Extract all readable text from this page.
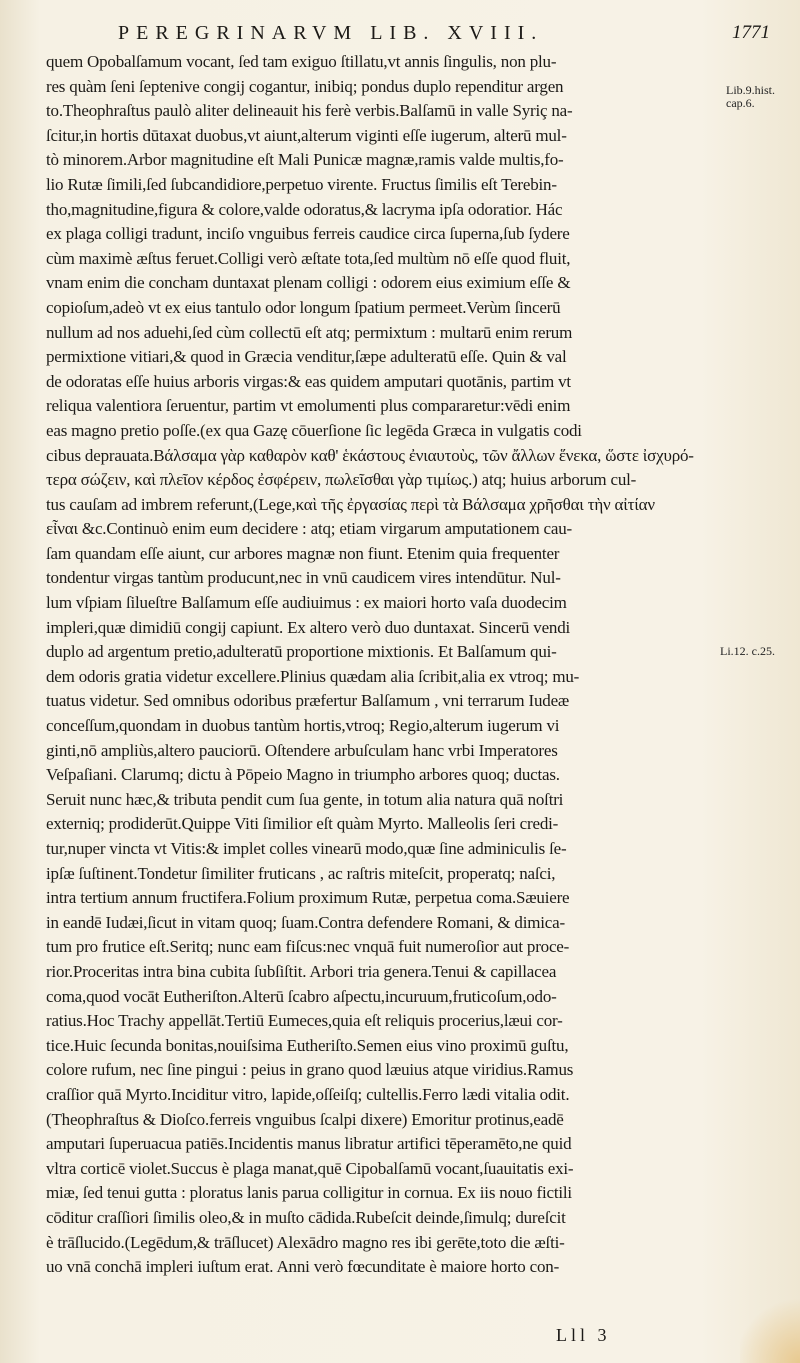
PEREGRINARVM LIB. XVIII.	1771
Lib.9.hist. cap.6.
Li.12. c.25.
quem Opobalſamum vocant, ſed tam exiguo ſtillatu,vt annis ſingulis, non plu-
res quàm ſeni ſeptenive congij cogantur, inibiq; pondus duplo rependitur argen
to.Theophraſtus paulò aliter delineauit his ferè verbis.Balſamū in valle Syriç na-
ſcitur,in hortis dūtaxat duobus,vt aiunt,alterum viginti eſſe iugerum, alterū mul-
tò minorem.Arbor magnitudine eſt Mali Punicæ magnæ,ramis valde multis,fo-
lio Rutæ ſimili,ſed ſubcandidiore,perpetuo virente. Fructus ſimilis eſt Terebin-
tho,magnitudine,figura & colore,valde odoratus,& lacryma ipſa odoratior. Hác
ex plaga colligi tradunt, inciſo vnguibus ferreis caudice circa ſuperna,ſub ſydere
cùm maximè æſtus feruet.Colligi verò æſtate tota,ſed multùm nō eſſe quod fluit,
vnam enim die concham duntaxat plenam colligi : odorem eius eximium eſſe &
copioſum,adeò vt ex eius tantulo odor longum ſpatium permeet.Verùm ſincerū
nullum ad nos aduehi,ſed cùm collectū eſt atq; permixtum : multarū enim rerum
permixtione vitiari,& quod in Græcia venditur,ſæpe adulteratū eſſe. Quin & val
de odoratas eſſe huius arboris virgas:& eas quidem amputari quotānis, partim vt
reliqua valentiora ſeruentur, partim vt emolumenti plus compararetur:vēdi enim
eas magno pretio poſſe.(ex qua Gazę cōuerſione ſic legēda Græca in vulgatis codi
cibus deprauata.Βάλσαμα γὰρ καθαρὸν καθ' ἑκάστους ἐνιαυτοὺς, τῶν ἄλλων ἕνεκα, ὥστε ἰσχυρό-
τερα σώζειν, καὶ πλεῖον κέρδος ἐσφέρειν, πωλεῖσθαι γὰρ τιμίως.) atq; huius arborum cul-
tus cauſam ad imbrem referunt,(Lege,καὶ τῆς ἐργασίας περὶ τὰ Βάλσαμα χρῆσθαι τὴν αἰτίαν
εἶναι &c.Continuò enim eum decidere : atq; etiam virgarum amputationem cau-
ſam quandam eſſe aiunt, cur arbores magnæ non fiunt. Etenim quia frequenter
tondentur virgas tantùm producunt,nec in vnū caudicem vires intendūtur. Nul-
lum vſpiam ſilueſtre Balſamum eſſe audiuimus : ex maiori horto vaſa duodecim
impleri,quæ dimidiū congij capiunt. Ex altero verò duo duntaxat. Sincerū vendi
duplo ad argentum pretio,adulteratū proportione mixtionis. Et Balſamum qui-
dem odoris gratia videtur excellere.Plinius quædam alia ſcribit,alia ex vtroq; mu-
tuatus videtur. Sed omnibus odoribus præfertur Balſamum , vni terrarum Iudeæ
conceſſum,quondam in duobus tantùm hortis,vtroq; Regio,alterum iugerum vi
ginti,nō ampliùs,altero pauciorū. Oſtendere arbuſculam hanc vrbi Imperatores
Veſpaſiani. Clarumq; dictu à Pōpeio Magno in triumpho arbores quoq; ductas.
Seruit nunc hæc,& tributa pendit cum ſua gente, in totum alia natura quā noſtri
externiq; prodiderūt.Quippe Viti ſimilior eſt quàm Myrto. Malleolis ſeri credi-
tur,nuper vincta vt Vitis:& implet colles vinearū modo,quæ ſine adminiculis ſe-
ipſæ ſuſtinent.Tondetur ſimiliter fruticans , ac raſtris miteſcit, properatq; naſci,
intra tertium annum fructifera.Folium proximum Rutæ, perpetua coma.Sæuiere
in eandē Iudæi,ſicut in vitam quoq; ſuam.Contra defendere Romani, & dimica-
tum pro frutice eſt.Seritq; nunc eam fiſcus:nec vnquā fuit numeroſior aut proce-
rior.Proceritas intra bina cubita ſubſiſtit. Arbori tria genera.Tenui & capillacea
coma,quod vocāt Eutheriſton.Alterū ſcabro aſpectu,incuruum,fruticoſum,odo-
ratius.Hoc Trachy appellāt.Tertiū Eumeces,quia eſt reliquis procerius,læui cor-
tice.Huic ſecunda bonitas,nouiſsima Eutheriſto.Semen eius vino proximū guſtu,
colore rufum, nec ſine pingui : peius in grano quod læuius atque viridius.Ramus
craſſior quā Myrto.Inciditur vitro, lapide,oſſeiſq; cultellis.Ferro lædi vitalia odit.
(Theophraſtus & Dioſco.ferreis vnguibus ſcalpi dixere) Emoritur protinus,eadē
amputari ſuperuacua patiēs.Incidentis manus libratur artifici tēperamēto,ne quid
vltra corticē violet.Succus è plaga manat,quē Cipobalſamū vocant,ſuauitatis exi-
miæ, ſed tenui gutta : ploratus lanis parua colligitur in cornua. Ex iis nouo fictili
cōditur craſſiori ſimilis oleo,& in muſto cādida.Rubeſcit deinde,ſimulq; dureſcit
è trāſlucido.(Legēdum,& trāſlucet) Alexādro magno res ibi gerēte,toto die æſti-
uo vnā conchā impleri iuſtum erat. Anni verò fœcunditate è maiore horto con-
Lll 3
